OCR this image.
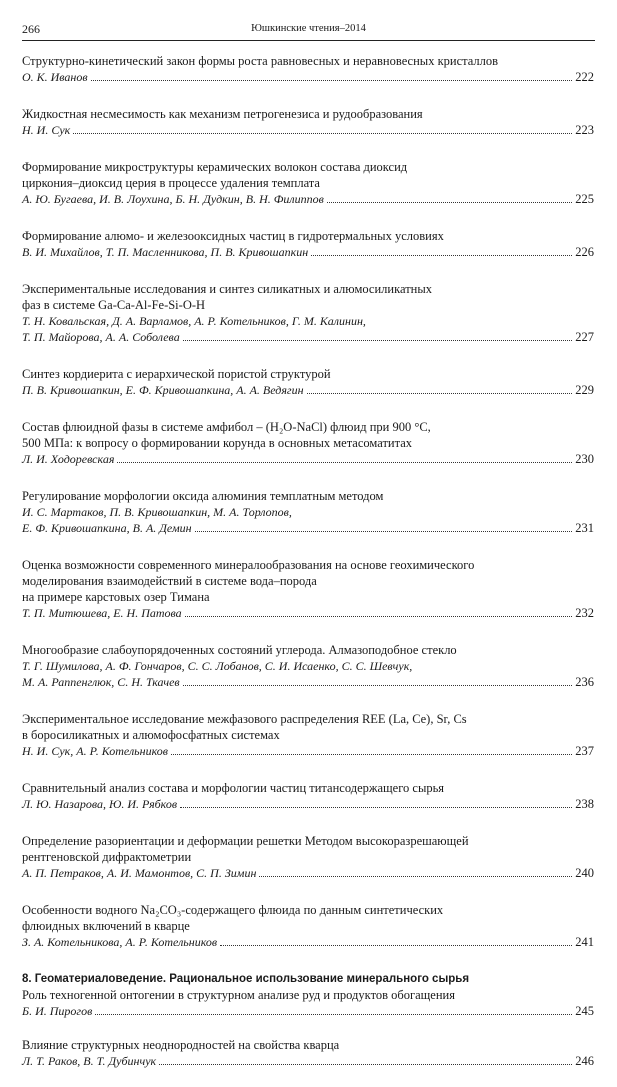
266	Юшкинские чтения–2014
Структурно-кинетический закон формы роста равновесных и неравновесных кристаллов
О. К. Иванов	222
Жидкостная несмесимость как механизм петрогенезиса и рудообразования
Н. И. Сук	223
Формирование микроструктуры керамических волокон состава диоксид
циркония–диоксид церия в процессе удаления темплата
А. Ю. Бугаева, И. В. Лоухина, Б. Н. Дудкин, В. Н. Филиппов	225
Формирование алюмо- и железооксидных частиц в гидротермальных условиях
В. И. Михайлов, Т. П. Масленникова, П. В. Кривошапкин	226
Экспериментальные исследования и синтез силикатных и алюмосиликатных
фаз в системе Ga-Ca-Al-Fe-Si-O-H
Т. Н. Ковальская, Д. А. Варламов, А. Р. Котельников, Г. М. Калинин,
Т. П. Майорова, А. А. Соболева	227
Синтез кордиерита с иерархической пористой структурой
П. В. Кривошапкин, Е. Ф. Кривошапкина, А. А. Ведягин	229
Состав флюидной фазы в системе амфибол – (H₂O-NaCl) флюид при 900 °С,
500 МПа: к вопросу о формировании корунда в основных метасоматитах
Л. И. Ходоревская	230
Регулирование морфологии оксида алюминия темплатным методом
И. С. Мартаков, П. В. Кривошапкин, М. А. Торлопов,
Е. Ф. Кривошапкина, В. А. Демин	231
Оценка возможности современного минералообразования на основе геохимического
моделирования взаимодействий в системе вода–порода
на примере карстовых озер Тимана
Т. П. Митюшева, Е. Н. Патова	232
Многообразие слабоупорядоченных состояний углерода. Алмазоподобное стекло
Т. Г. Шумилова, А. Ф. Гончаров, С. С. Лобанов, С. И. Исаенко, С. С. Шевчук,
М. А. Раппенглюк, С. Н. Ткачев	236
Экспериментальное исследование межфазового распределения REE (La, Ce), Sr, Cs
в боросиликатных и алюмофосфатных системах
Н. И. Сук, А. Р. Котельников	237
Сравнительный анализ состава и морфологии частиц титансодержащего сырья
Л. Ю. Назарова, Ю. И. Рябков	238
Определение разориентации и деформации решетки Методом высокоразрешающей
рентгеновской дифрактометрии
А. П. Петраков, А. И. Мамонтов, С. П. Зимин	240
Особенности водного Na₂CO₃-содержащего флюида по данным синтетических
флюидных включений в кварце
З. А. Котельникова, А. Р. Котельников	241
8. Геоматериаловедение. Рациональное использование минерального сырья
Роль техногенной онтогении в структурном анализе руд и продуктов обогащения
Б. И. Пирогов	245
Влияние структурных неоднородностей на свойства кварца
Л. Т. Раков, В. Т. Дубинчук	246
